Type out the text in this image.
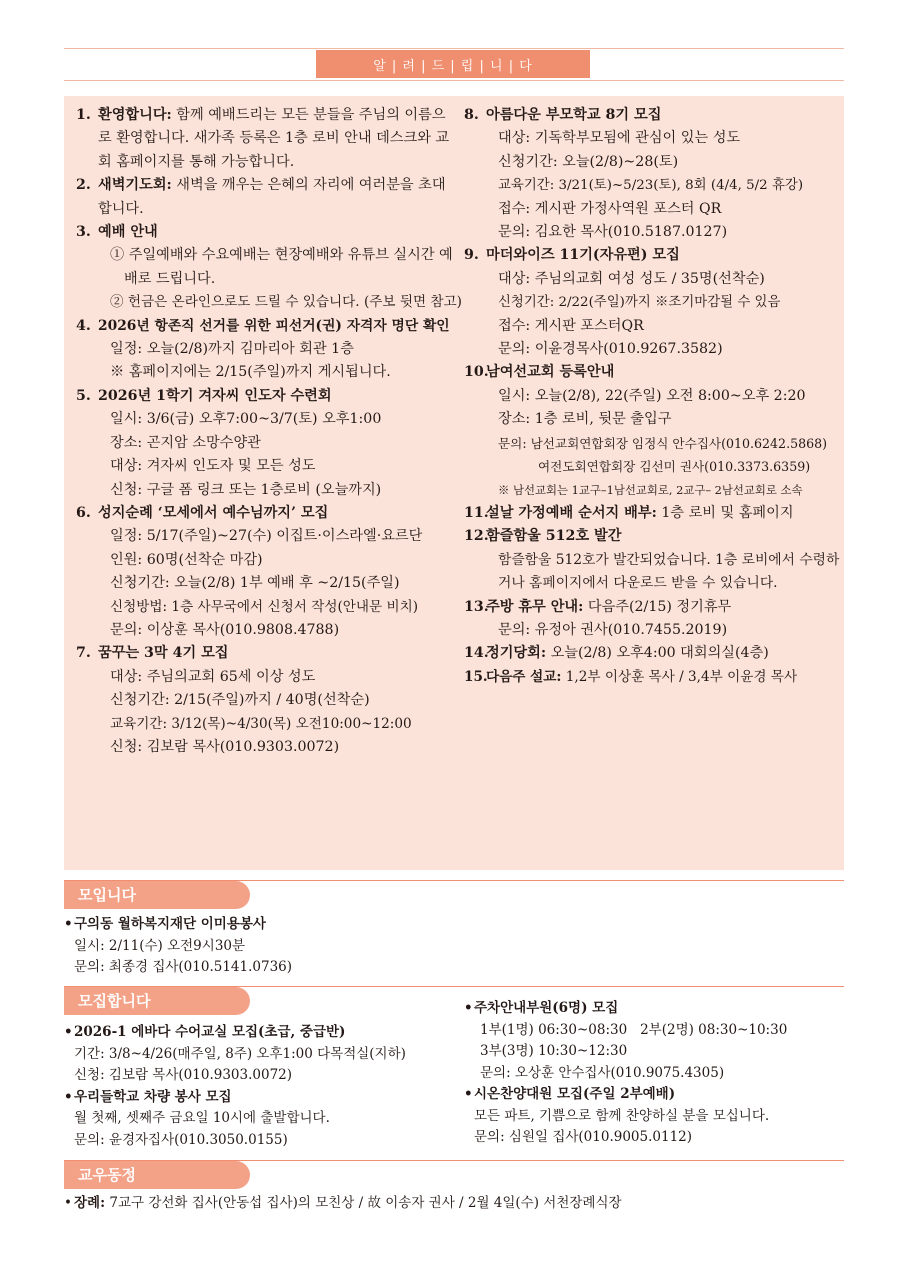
알 | 려 | 드 | 립 | 니 | 다
1. 환영합니다: 함께 예배드리는 모든 분들을 주님의 이름으로 환영합니다. 새가족 등록은 1층 로비 안내 데스크와 교회 홈페이지를 통해 가능합니다.
2. 새벽기도회: 새벽을 깨우는 은혜의 자리에 여러분을 초대합니다.
3. 예배 안내
① 주일예배와 수요예배는 현장예배와 유튜브 실시간 예배로 드립니다.
② 헌금은 온라인으로도 드릴 수 있습니다. (주보 뒷면 참고)
4. 2026년 항존직 선거를 위한 피선거(권) 자격자 명단 확인
일정: 오늘(2/8)까지 김마리아 회관 1층
※ 홈페이지에는 2/15(주일)까지 게시됩니다.
5. 2026년 1학기 겨자씨 인도자 수련회
일시: 3/6(금) 오후7:00~3/7(토) 오후1:00
장소: 곤지암 소망수양관
대상: 겨자씨 인도자 및 모든 성도
신청: 구글 폼 링크 또는 1층로비 (오늘까지)
6. 성지순례 ‘모세에서 예수님까지’ 모집
일정: 5/17(주일)~27(수) 이집트·이스라엘·요르단
인원: 60명(선착순 마감)
신청기간: 오늘(2/8) 1부 예배 후 ~2/15(주일)
신청방법: 1층 사무국에서 신청서 작성(안내문 비치)
문의: 이상훈 목사(010.9808.4788)
7. 꿈꾸는 3막 4기 모집
대상: 주님의교회 65세 이상 성도
신청기간: 2/15(주일)까지 / 40명(선착순)
교육기간: 3/12(목)~4/30(목) 오전10:00~12:00
신청: 김보람 목사(010.9303.0072)
8. 아름다운 부모학교 8기 모집
대상: 기독학부모됨에 관심이 있는 성도
신청기간: 오늘(2/8)~28(토)
교육기간: 3/21(토)~5/23(토), 8회 (4/4, 5/2 휴강)
접수: 게시판 가정사역원 포스터 QR
문의: 김요한 목사(010.5187.0127)
9. 마더와이즈 11기(자유편) 모집
대상: 주님의교회 여성 성도 / 35명(선착순)
신청기간: 2/22(주일)까지 ※조기마감될 수 있음
접수: 게시판 포스터QR
문의: 이윤경목사(010.9267.3582)
10.
남여선교회 등록안내
일시: 오늘(2/8), 22(주일) 오전 8:00~오후 2:20
장소: 1층 로비, 뒷문 출입구
문의: 남선교회연합회장 임정식 안수집사(010.6242.5868)
여전도회연합회장 김선미 권사(010.3373.6359)
※ 남선교회는 1교구–1남선교회로, 2교구– 2남선교회로 소속
11.
설날 가정예배 순서지 배부: 1층 로비 및 홈페이지
12.
함즐함울 512호 발간
함즐함울 512호가 발간되었습니다. 1층 로비에서 수령하거나 홈페이지에서 다운로드 받을 수 있습니다.
13.
주방 휴무 안내: 다음주(2/15) 정기휴무
문의: 유정아 권사(010.7455.2019)
14.
정기당회: 오늘(2/8) 오후4:00 대회의실(4층)
15.
다음주 설교: 1,2부 이상훈 목사 / 3,4부 이윤경 목사
모입니다
• 구의동 월하복지재단 이미용봉사
일시: 2/11(수) 오전9시30분
문의: 최종경 집사(010.5141.0736)
모집합니다
• 2026-1 에바다 수어교실 모집(초급, 중급반)
기간: 3/8~4/26(매주일, 8주) 오후1:00 다목적실(지하)
신청: 김보람 목사(010.9303.0072)
• 우리들학교 차량 봉사 모집
월 첫째, 셋째주 금요일 10시에 출발합니다.
문의: 윤경자집사(010.3050.0155)
• 주차안내부원(6명) 모집
1부(1명) 06:30~08:30   2부(2명) 08:30~10:30
3부(3명) 10:30~12:30
문의: 오상훈 안수집사(010.9075.4305)
• 시온찬양대원 모집(주일 2부예배)
모든 파트, 기쁨으로 함께 찬양하실 분을 모십니다.
문의: 심원일 집사(010.9005.0112)
교우동정
• 장례: 7교구 강선화 집사(안동섭 집사)의 모친상 / 故 이송자 권사 / 2월 4일(수) 서천장례식장
